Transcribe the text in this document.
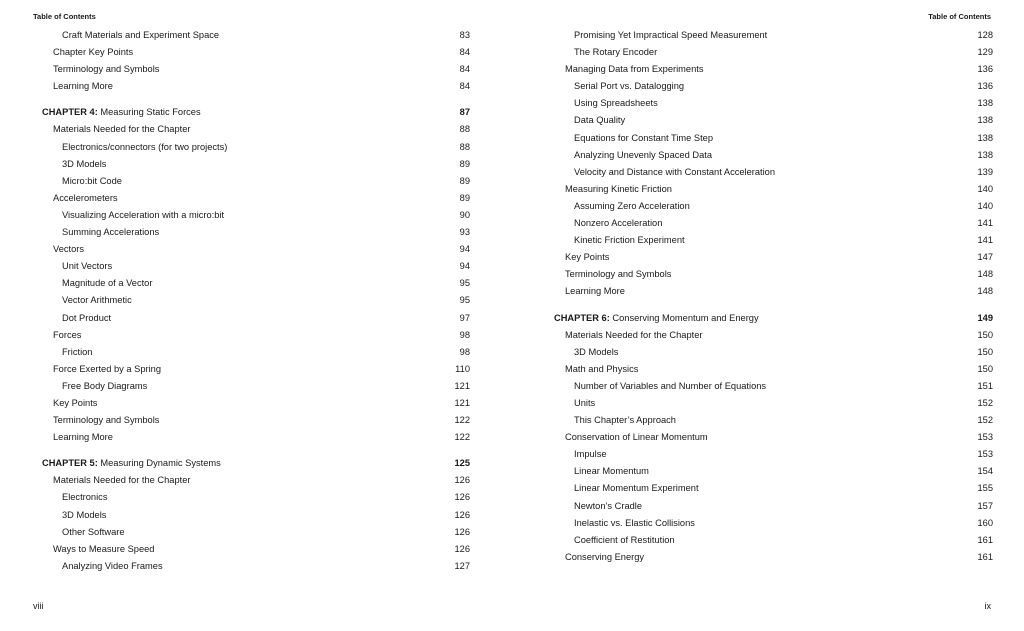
Table of Contents
Craft Materials and Experiment Space	83
Chapter Key Points	84
Terminology and Symbols	84
Learning More	84
CHAPTER 4: Measuring Static Forces	87
Materials Needed for the Chapter	88
Electronics/connectors (for two projects)	88
3D Models	89
Micro:bit Code	89
Accelerometers	89
Visualizing Acceleration with a micro:bit	90
Summing Accelerations	93
Vectors	94
Unit Vectors	94
Magnitude of a Vector	95
Vector Arithmetic	95
Dot Product	97
Forces	98
Friction	98
Force Exerted by a Spring	110
Free Body Diagrams	121
Key Points	121
Terminology and Symbols	122
Learning More	122
CHAPTER 5: Measuring Dynamic Systems	125
Materials Needed for the Chapter	126
Electronics	126
3D Models	126
Other Software	126
Ways to Measure Speed	126
Analyzing Video Frames	127
viii
Table of Contents
Promising Yet Impractical Speed Measurement	128
The Rotary Encoder	129
Managing Data from Experiments	136
Serial Port vs. Datalogging	136
Using Spreadsheets	138
Data Quality	138
Equations for Constant Time Step	138
Analyzing Unevenly Spaced Data	138
Velocity and Distance with Constant Acceleration	139
Measuring Kinetic Friction	140
Assuming Zero Acceleration	140
Nonzero Acceleration	141
Kinetic Friction Experiment	141
Key Points	147
Terminology and Symbols	148
Learning More	148
CHAPTER 6: Conserving Momentum and Energy	149
Materials Needed for the Chapter	150
3D Models	150
Math and Physics	150
Number of Variables and Number of Equations	151
Units	152
This Chapter’s Approach	152
Conservation of Linear Momentum	153
Impulse	153
Linear Momentum	154
Linear Momentum Experiment	155
Newton’s Cradle	157
Inelastic vs. Elastic Collisions	160
Coefficient of Restitution	161
Conserving Energy	161
ix
